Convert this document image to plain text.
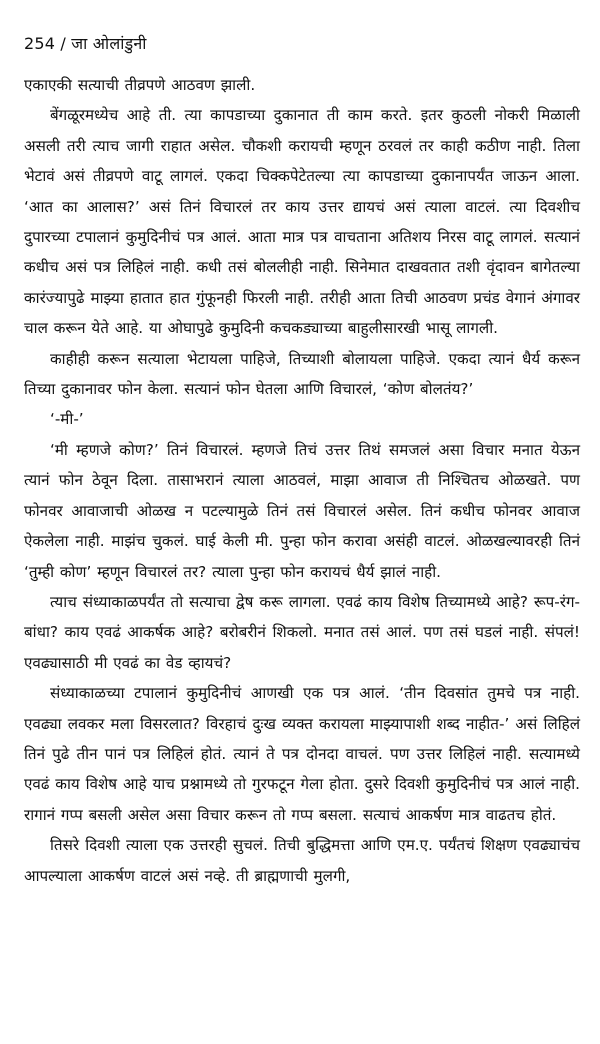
254 / जा ओलांडुनी

एकाएकी सत्याची तीव्रपणे आठवण झाली.

बेंगळूरमध्येच आहे ती. त्या कापडाच्या दुकानात ती काम करते. इतर कुठली नोकरी मिळाली असली तरी त्याच जागी राहात असेल. चौकशी करायची म्हणून ठरवलं तर काही कठीण नाही. तिला भेटावं असं तीव्रपणे वाटू लागलं. एकदा चिक्कपेटेतल्या त्या कापडाच्या दुकानापर्यंत जाऊन आला. ‘आत का आलास?’ असं तिनं विचारलं तर काय उत्तर द्यायचं असं त्याला वाटलं. त्या दिवशीच दुपारच्या टपालानं कुमुदिनीचं पत्र आलं. आता मात्र पत्र वाचताना अतिशय निरस वाटू लागलं. सत्यानं कधीच असं पत्र लिहिलं नाही. कधी तसं बोललीही नाही. सिनेमात दाखवतात तशी वृंदावन बागेतल्या कारंज्यापुढे माझ्या हातात हात गुंफूनही फिरली नाही. तरीही आता तिची आठवण प्रचंड वेगानं अंगावर चाल करून येते आहे. या ओघापुढे कुमुदिनी कचकड्याच्या बाहुलीसारखी भासू लागली.

काहीही करून सत्याला भेटायला पाहिजे, तिच्याशी बोलायला पाहिजे. एकदा त्यानं धैर्य करून तिच्या दुकानावर फोन केला. सत्यानं फोन घेतला आणि विचारलं, ‘कोण बोलतंय?’

‘-मी-’

‘मी म्हणजे कोण?’ तिनं विचारलं. म्हणजे तिचं उत्तर तिथं समजलं असा विचार मनात येऊन त्यानं फोन ठेवून दिला. तासाभरानं त्याला आठवलं, माझा आवाज ती निश्चितच ओळखते. पण फोनवर आवाजाची ओळख न पटल्यामुळे तिनं तसं विचारलं असेल. तिनं कधीच फोनवर आवाज ऐकलेला नाही. माझंच चुकलं. घाई केली मी. पुन्हा फोन करावा असंही वाटलं. ओळखल्यावरही तिनं ‘तुम्ही कोण’ म्हणून विचारलं तर? त्याला पुन्हा फोन करायचं धैर्य झालं नाही.

त्याच संध्याकाळपर्यंत तो सत्याचा द्वेष करू लागला. एवढं काय विशेष तिच्यामध्ये आहे? रूप-रंग-बांधा? काय एवढं आकर्षक आहे? बरोबरीनं शिकलो. मनात तसं आलं. पण तसं घडलं नाही. संपलं! एवढ्यासाठी मी एवढं का वेड व्हायचं?

संध्याकाळच्या टपालानं कुमुदिनीचं आणखी एक पत्र आलं. ‘तीन दिवसांत तुमचे पत्र नाही. एवढ्या लवकर मला विसरलात? विरहाचं दुःख व्यक्त करायला माझ्यापाशी शब्द नाहीत-’ असं लिहिलं तिनं पुढे तीन पानं पत्र लिहिलं होतं. त्यानं ते पत्र दोनदा वाचलं. पण उत्तर लिहिलं नाही. सत्यामध्ये एवढं काय विशेष आहे याच प्रश्नामध्ये तो गुरफटून गेला होता. दुसरे दिवशी कुमुदिनीचं पत्र आलं नाही. रागानं गप्प बसली असेल असा विचार करून तो गप्प बसला. सत्याचं आकर्षण मात्र वाढतच होतं.

तिसरे दिवशी त्याला एक उत्तरही सुचलं. तिची बुद्धिमत्ता आणि एम.ए. पर्यंतचं शिक्षण एवढ्याचंच आपल्याला आकर्षण वाटलं असं नव्हे. ती ब्राह्मणाची मुलगी,
